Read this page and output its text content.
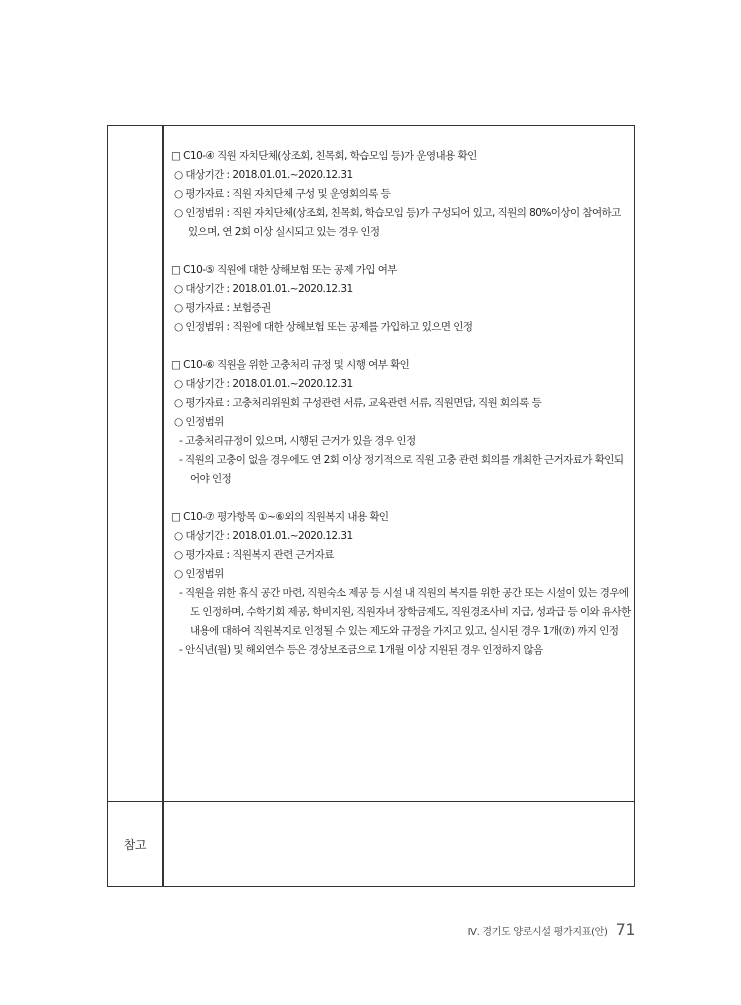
참고
□ C10-④ 직원 자치단체(상조회, 친목회, 학습모임 등)가 운영내용 확인
○ 대상기간 : 2018.01.01.~2020.12.31
○ 평가자료 : 직원 자치단체 구성 및 운영회의록 등
○ 인정범위 : 직원 자치단체(상조회, 친목회, 학습모임 등)가 구성되어 있고, 직원의 80%이상이 참여하고 있으며, 연 2회 이상 실시되고 있는 경우 인정
□ C10-⑤ 직원에 대한 상해보험 또는 공제 가입 여부
○ 대상기간 : 2018.01.01.~2020.12.31
○ 평가자료 : 보험증권
○ 인정범위 : 직원에 대한 상해보험 또는 공제를 가입하고 있으면 인정
□ C10-⑥ 직원을 위한 고충처리 규정 및 시행 여부 확인
○ 대상기간 : 2018.01.01.~2020.12.31
○ 평가자료 : 고충처리위원회 구성관련 서류, 교육관련 서류, 직원면담, 직원 회의록 등
○ 인정범위
- 고충처리규정이 있으며, 시행된 근거가 있을 경우 인정
- 직원의 고충이 없을 경우에도 연 2회 이상 정기적으로 직원 고충 관련 회의를 개최한 근거자료가 확인되어야 인정
□ C10-⑦ 평가항목 ①~⑥외의 직원복지 내용 확인
○ 대상기간 : 2018.01.01.~2020.12.31
○ 평가자료 : 직원복지 관련 근거자료
○ 인정범위
- 직원을 위한 휴식 공간 마련, 직원숙소 제공 등 시설 내 직원의 복지를 위한 공간 또는 시설이 있는 경우에도 인정하며, 수학기회 제공, 학비지원, 직원자녀 장학금제도, 직원경조사비 지급, 성과급 등 이와 유사한 내용에 대하여 직원복지로 인정될 수 있는 제도와 규정을 가지고 있고, 실시된 경우 1개(⑦) 까지 인정
- 안식년(월) 및 해외연수 등은 경상보조금으로 1개월 이상 지원된 경우 인정하지 않음
Ⅳ. 경기도 양로시설 평가지표(안) 71
